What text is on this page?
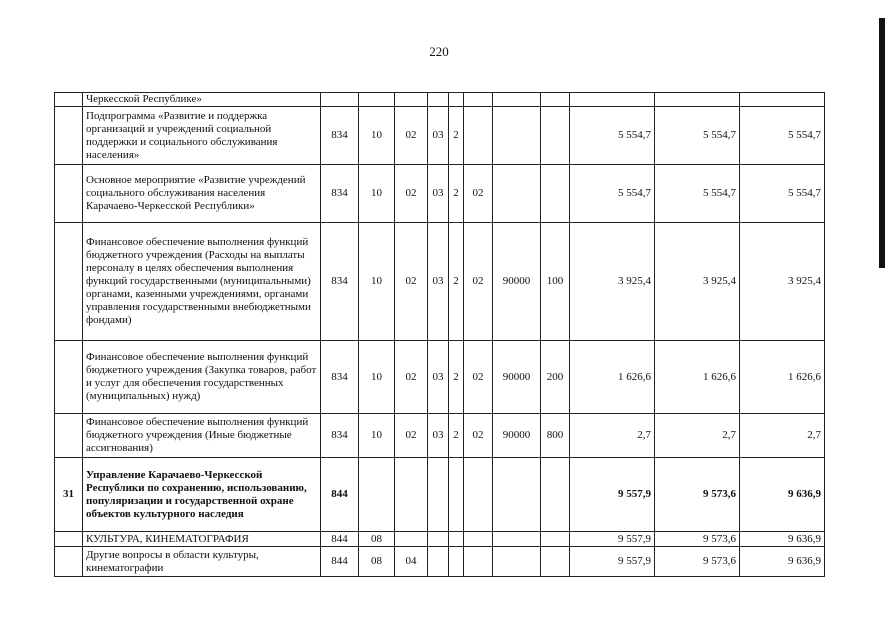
220
	Черкесской Республике»											
	Подпрограмма «Развитие и поддержка организаций и учреждений социальной поддержки и социального обслуживания населения»	834	10	02	03	2				5 554,7	5 554,7	5 554,7
	Основное мероприятие «Развитие учреждений социального обслуживания населения Карачаево-Черкесской Республики»	834	10	02	03	2	02			5 554,7	5 554,7	5 554,7
	Финансовое обеспечение выполнения функций бюджетного учреждения (Расходы на выплаты персоналу в целях обеспечения выполнения функций государственными (муниципальными) органами, казенными учреждениями, органами управления государственными внебюджетными фондами)	834	10	02	03	2	02	90000	100	3 925,4	3 925,4	3 925,4
	Финансовое обеспечение выполнения функций бюджетного учреждения (Закупка товаров, работ и услуг для обеспечения государственных (муниципальных) нужд)	834	10	02	03	2	02	90000	200	1 626,6	1 626,6	1 626,6
	Финансовое обеспечение выполнения функций бюджетного учреждения (Иные бюджетные ассигнования)	834	10	02	03	2	02	90000	800	2,7	2,7	2,7
31	Управление Карачаево-Черкесской Республики по сохранению, использованию, популяризации и государственной охране объектов культурного наследия	844								9 557,9	9 573,6	9 636,9
	КУЛЬТУРА, КИНЕМАТОГРАФИЯ	844	08							9 557,9	9 573,6	9 636,9
	Другие вопросы в области культуры, кинематографии	844	08	04						9 557,9	9 573,6	9 636,9
